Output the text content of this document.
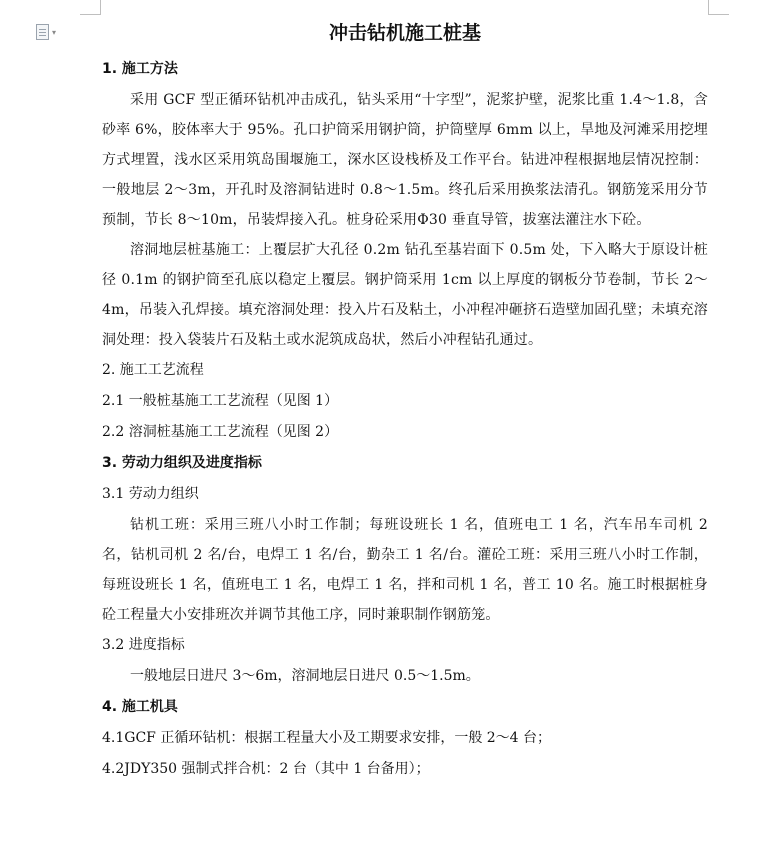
▾	冲击钻机施工桩基

1. 施工方法

采用 GCF 型正循环钻机冲击成孔，钻头采用“十字型”，泥浆护壁，泥浆比重 1.4～1.8，含砂率 6%，胶体率大于 95%。孔口护筒采用钢护筒，护筒壁厚 6mm 以上，旱地及河滩采用挖埋方式埋置，浅水区采用筑岛围堰施工，深水区设栈桥及工作平台。钻进冲程根据地层情况控制：一般地层 2～3m，开孔时及溶洞钻进时 0.8～1.5m。终孔后采用换浆法清孔。钢筋笼采用分节预制，节长 8～10m，吊装焊接入孔。桩身砼采用Φ30 垂直导管，拔塞法灌注水下砼。

溶洞地层桩基施工：上覆层扩大孔径 0.2m 钻孔至基岩面下 0.5m 处，下入略大于原设计桩径 0.1m 的钢护筒至孔底以稳定上覆层。钢护筒采用 1cm 以上厚度的钢板分节卷制，节长 2～4m，吊装入孔焊接。填充溶洞处理：投入片石及粘土，小冲程冲砸挤石造壁加固孔壁；未填充溶洞处理：投入袋装片石及粘土或水泥筑成岛状，然后小冲程钻孔通过。

2. 施工工艺流程

2.1 一般桩基施工工艺流程（见图 1）

2.2 溶洞桩基施工工艺流程（见图 2）

3. 劳动力组织及进度指标

3.1 劳动力组织

钻机工班：采用三班八小时工作制；每班设班长 1 名，值班电工 1 名，汽车吊车司机 2 名，钻机司机 2 名/台，电焊工 1 名/台，勤杂工 1 名/台。灌砼工班：采用三班八小时工作制，每班设班长 1 名，值班电工 1 名，电焊工 1 名，拌和司机 1 名，普工 10 名。施工时根据桩身砼工程量大小安排班次并调节其他工序，同时兼职制作钢筋笼。

3.2 进度指标

一般地层日进尺 3～6m，溶洞地层日进尺 0.5～1.5m。

4. 施工机具

4.1GCF 正循环钻机：根据工程量大小及工期要求安排，一般 2～4 台；

4.2JDY350 强制式拌合机：2 台（其中 1 台备用）；
